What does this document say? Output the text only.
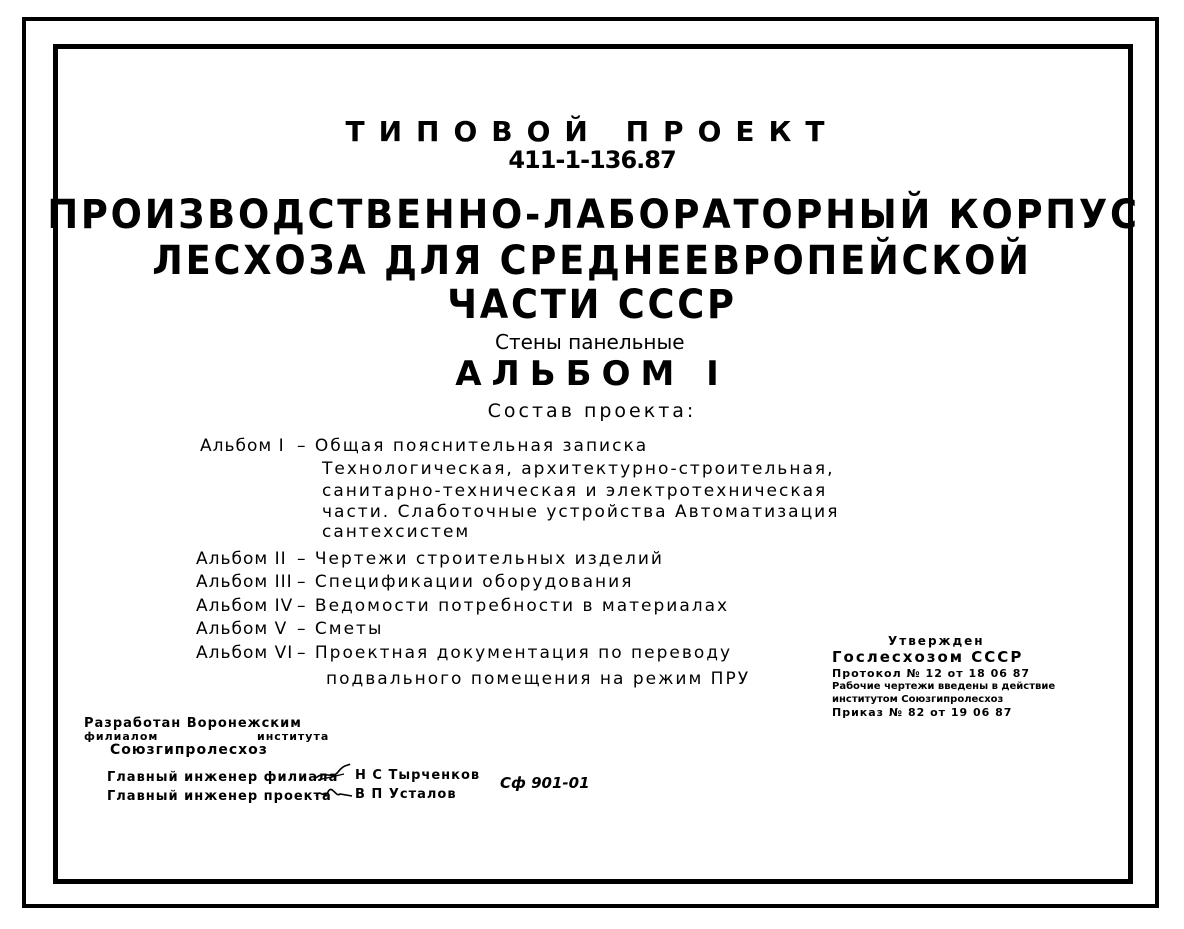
ТИПОВОЙ ПРОЕКТ
411-1-136.87
ПРОИЗВОДСТВЕННО-ЛАБОРАТОРНЫЙ КОРПУС
ЛЕСХОЗА ДЛЯ СРЕДНЕЕВРОПЕЙСКОЙ
ЧАСТИ СССР
Стены панельные
АЛЬБОМ I
Состав проекта:
Альбом I – Общая пояснительная записка
Технологическая, архитектурно-строительная,
санитарно-техническая и электротехническая
части. Слаботочные устройства Автоматизация
сантехсистем
Альбом II – Чертежи строительных изделий
Альбом III – Спецификации оборудования
Альбом IV – Ведомости потребности в материалах
Альбом V – Сметы
Альбом VI – Проектная документация по переводу
подвального помещения на режим ПРУ
Утвержден
Гослесхозом СССР
Протокол № 12 от 18 06 87
Рабочие чертежи введены в действие
институтом Союзгипролесхоз
Приказ № 82 от 19 06 87
Разработан Воронежским
филиалом	института
Союзгипролесхоз
Главный инженер филиала Н С Тырченков
Главный инженер проекта В П Усталов
Сф 901-01
